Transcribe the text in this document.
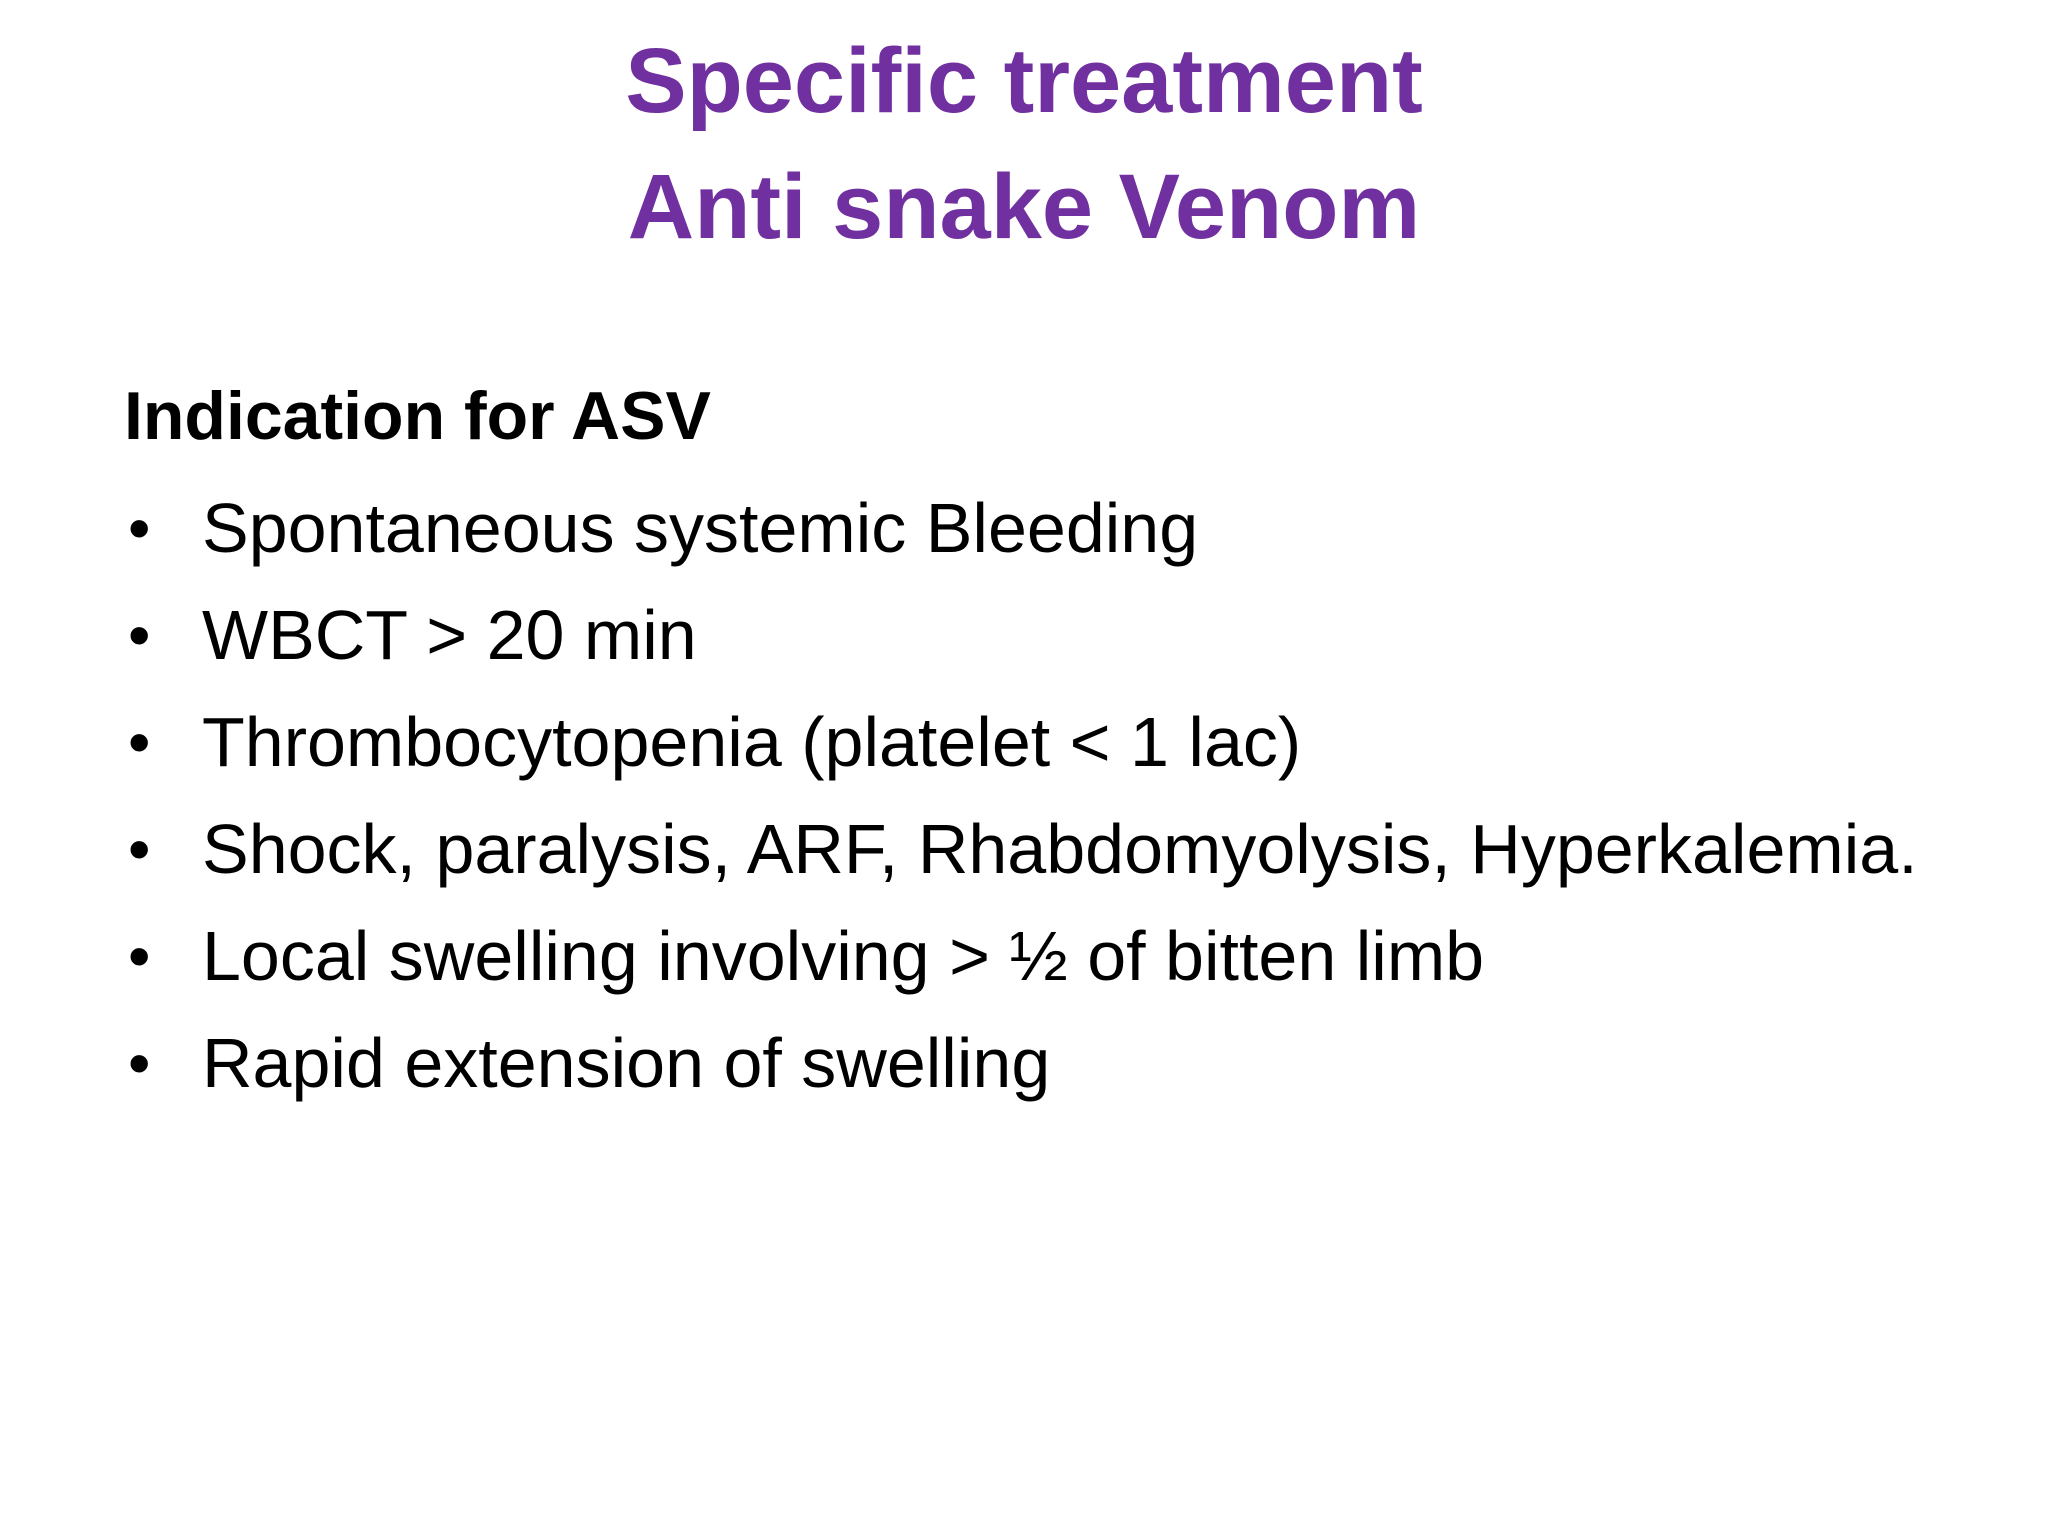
Specific treatment
Anti snake Venom

Indication for ASV

• Spontaneous systemic Bleeding
• WBCT > 20 min
• Thrombocytopenia (platelet < 1 lac)
• Shock, paralysis, ARF, Rhabdomyolysis, Hyperkalemia.
• Local swelling involving > ½ of bitten limb
• Rapid extension of swelling
